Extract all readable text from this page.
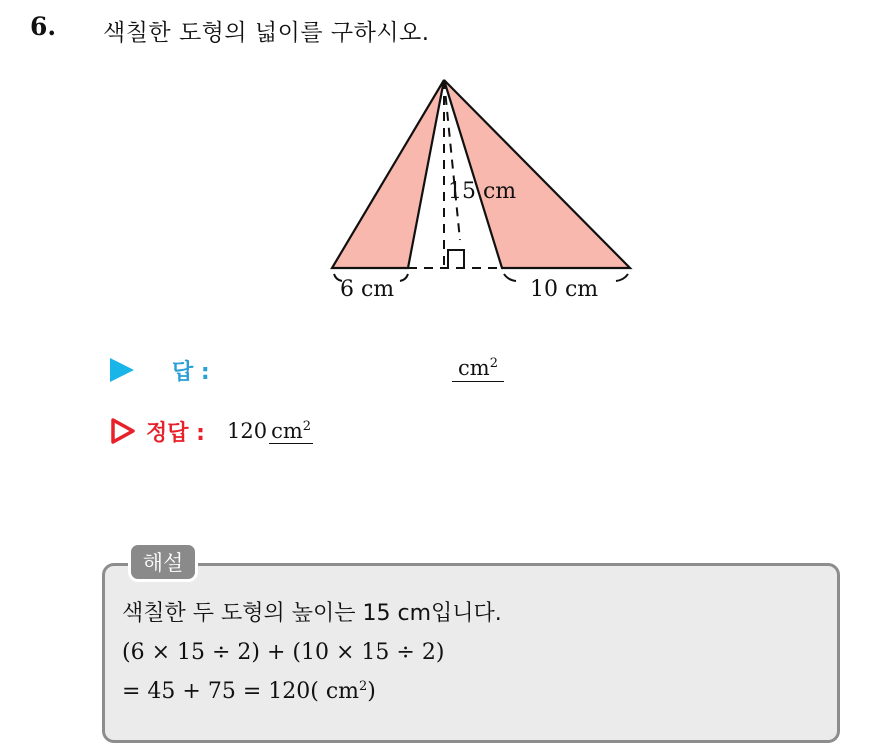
6. 색칠한 도형의 넓이를 구하시오.
15 cm
6 cm	10 cm
답 :	$cm^2$
정답 : 120 $cm^2$
해설
색칠한 두 도형의 높이는 15 cm입니다.
(6 × 15 ÷ 2) + (10 × 15 ÷ 2)
= 45 + 75 = 120( $cm^2$)
